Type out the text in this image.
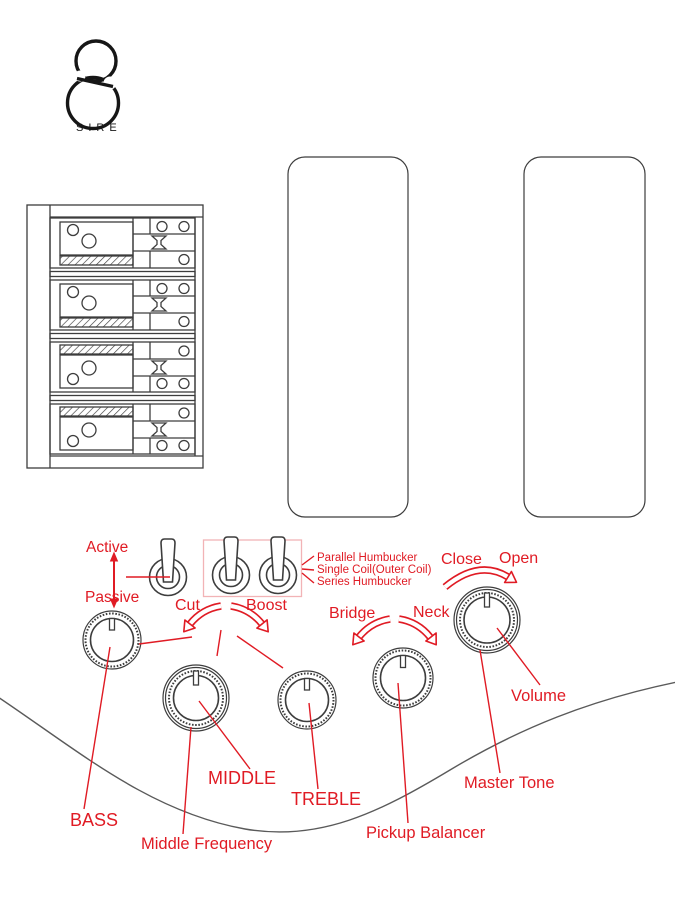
SIRE
Active
Passive
Parallel Humbucker
Single Coil(Outer Coil)
Series Humbucker
Cut	Boost	Bridge Neck
Close Open
Volume
Master Tone
Pickup Balancer
BASS
MIDDLE
TREBLE
Middle Frequency
